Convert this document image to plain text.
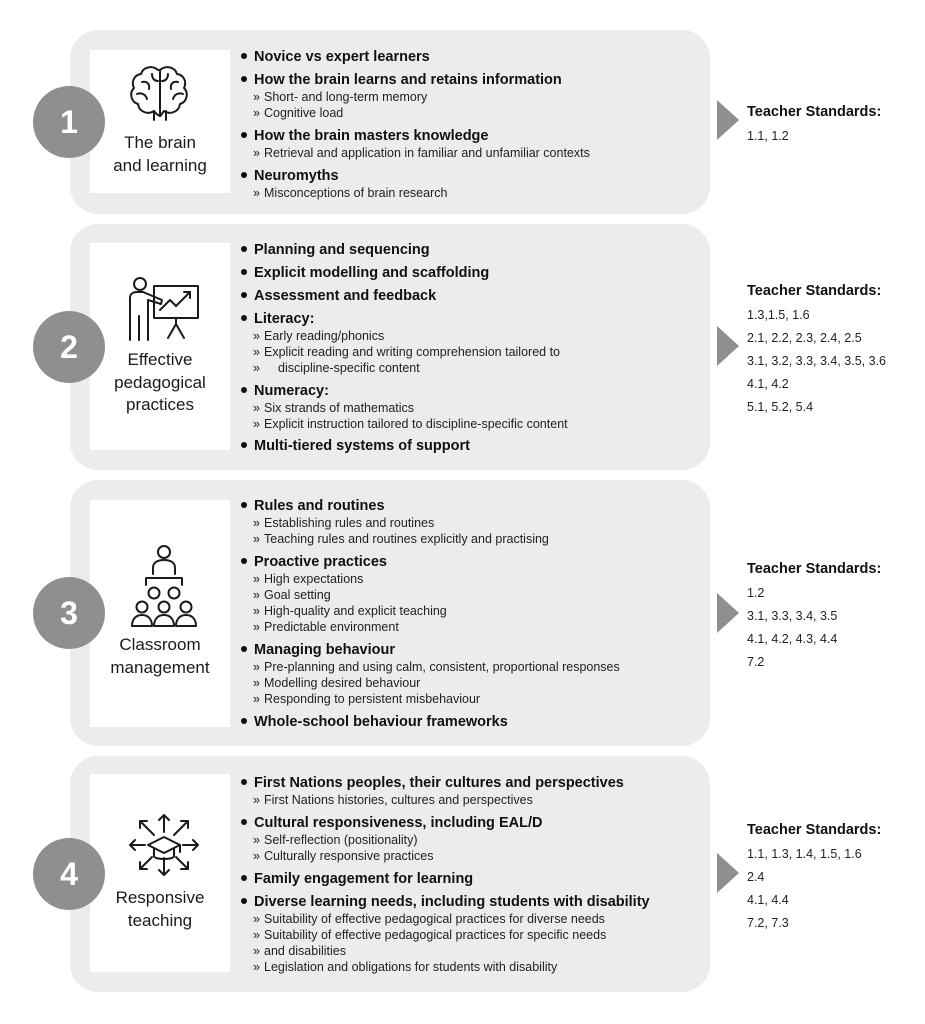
1
The brain
and learning
Novice vs expert learners
How the brain learns and retains information
» Short- and long-term memory
» Cognitive load
How the brain masters knowledge
» Retrieval and application in familiar and unfamiliar contexts
Neuromyths
» Misconceptions of brain research
Teacher Standards:
1.1, 1.2
2	Effective
pedagogical
practices
Planning and sequencing
Explicit modelling and scaffolding
Assessment and feedback
Literacy:
» Early reading/phonics
» Explicit reading and writing comprehension tailored to
» discipline-specific content
Numeracy:
» Six strands of mathematics
» Explicit instruction tailored to discipline-specific content
Multi-tiered systems of support
Teacher Standards:
1.3,1.5, 1.6
2.1, 2.2, 2.3, 2.4, 2.5
3.1, 3.2, 3.3, 3.4, 3.5, 3.6
4.1, 4.2
5.1, 5.2, 5.4
3
Classroom
management
Rules and routines
» Establishing rules and routines
» Teaching rules and routines explicitly and practising
Proactive practices
» High expectations
» Goal setting
» High-quality and explicit teaching
» Predictable environment
Managing behaviour
» Pre-planning and using calm, consistent, proportional responses
» Modelling desired behaviour
» Responding to persistent misbehaviour
Whole-school behaviour frameworks
Teacher Standards:
1.2
3.1, 3.3, 3.4, 3.5
4.1, 4.2, 4.3, 4.4
7.2
4
Responsive
teaching
First Nations peoples, their cultures and perspectives
» First Nations histories, cultures and perspectives
Cultural responsiveness, including EAL/D
» Self-reflection (positionality)
» Culturally responsive practices
Family engagement for learning
Diverse learning needs, including students with disability
» Suitability of effective pedagogical practices for diverse needs
» Suitability of effective pedagogical practices for specific needs
» and disabilities
» Legislation and obligations for students with disability
Teacher Standards:
1.1, 1.3, 1.4, 1.5, 1.6
2.4
4.1, 4.4
7.2, 7.3
